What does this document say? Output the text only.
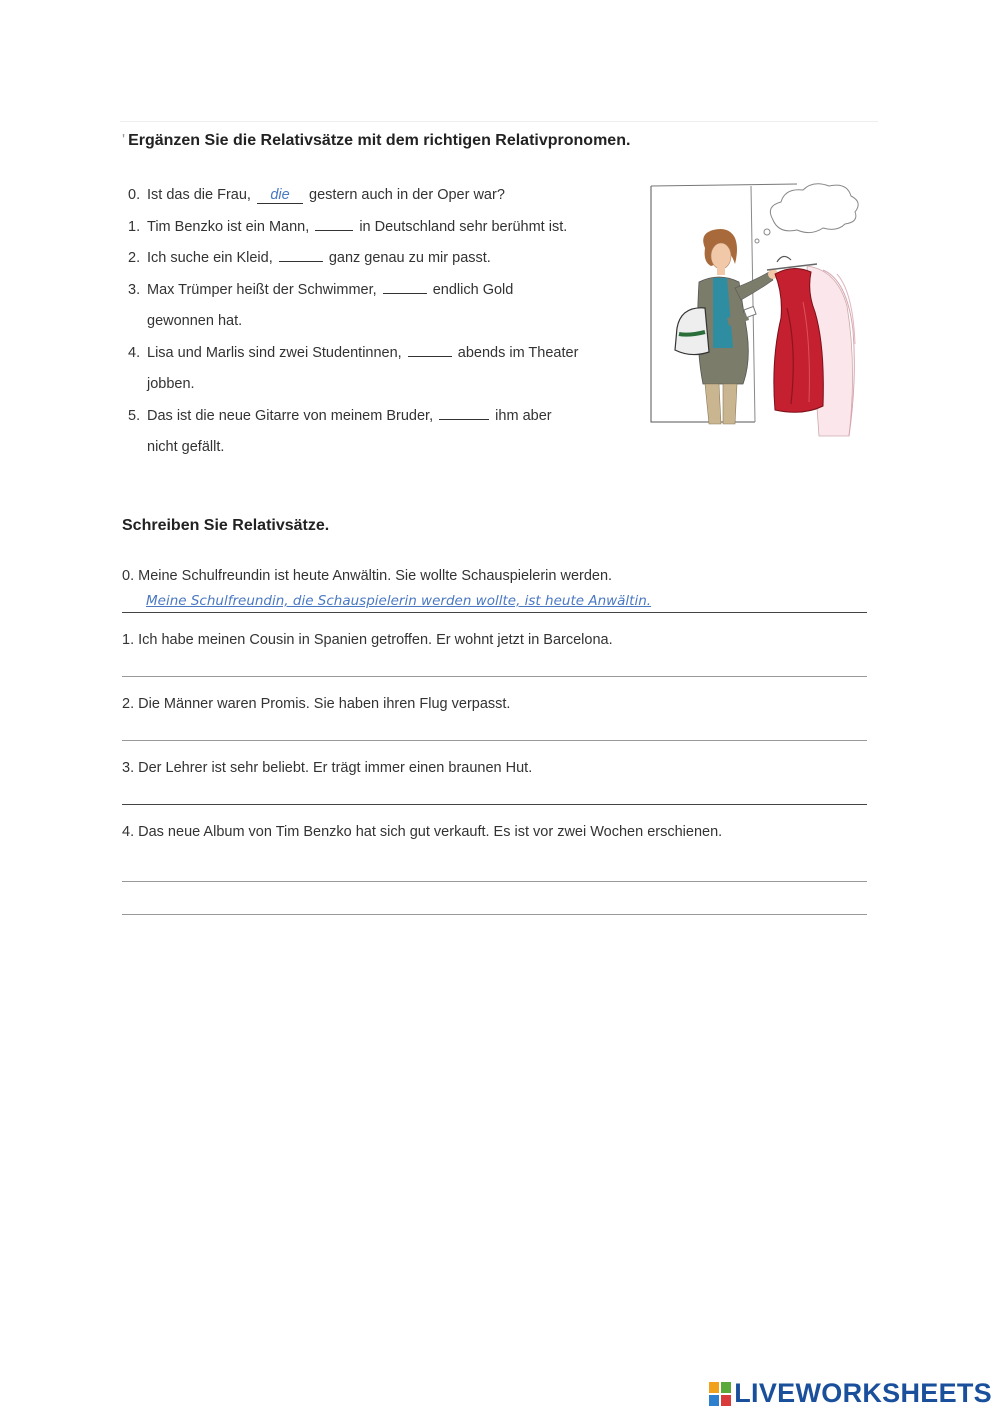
' Ergänzen Sie die Relativsätze mit dem richtigen Relativpronomen.
0. Ist das die Frau, die gestern auch in der Oper war?
1. Tim Benzko ist ein Mann,	in Deutschland sehr berühmt ist.
2. Ich suche ein Kleid,	ganz genau zu mir passt.
3. Max Trümper heißt der Schwimmer,	endlich Gold
gewonnen hat.
4. Lisa und Marlis sind zwei Studentinnen,	abends im Theater
jobben.
5. Das ist die neue Gitarre von meinem Bruder,	ihm aber
nicht gefällt.
Schreiben Sie Relativsätze.
0. Meine Schulfreundin ist heute Anwältin. Sie wollte Schauspielerin werden.
Meine Schulfreundin, die Schauspielerin werden wollte, ist heute Anwältin.
1. Ich habe meinen Cousin in Spanien getroffen. Er wohnt jetzt in Barcelona.
2. Die Männer waren Promis. Sie haben ihren Flug verpasst.
3. Der Lehrer ist sehr beliebt. Er trägt immer einen braunen Hut.
4. Das neue Album von Tim Benzko hat sich gut verkauft. Es ist vor zwei Wochen erschienen.
LIVEWORKSHEETS
